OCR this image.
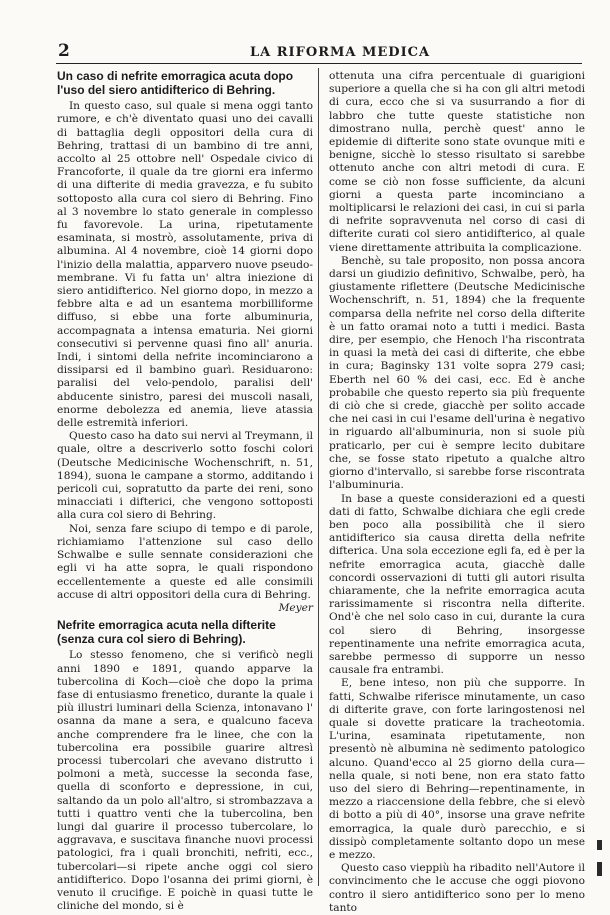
2	LA RIFORMA MEDICA
Un caso di nefrite emorragica acuta dopo l'uso del siero antidifterico di Behring.

In questo caso, sul quale si mena oggi tanto rumore, e ch'è diventato quasi uno dei cavalli di battaglia degli oppositori della cura di Behring, trattasi di un bambino di tre anni, accolto al 25 ottobre nell' Ospedale civico di Francoforte, il quale da tre giorni era infermo di una difterite di media gravezza, e fu subito sottoposto alla cura col siero di Behring. Fino al 3 novembre lo stato generale in complesso fu favorevole. La urina, ripetutamente esaminata, si mostrò, assolutamente, priva di albumina. Al 4 novembre, cioè 14 giorni dopo l'inizio della malattia, apparvero nuove pseudo-membrane. Vi fu fatta un' altra iniezione di siero antidifterico. Nel giorno dopo, in mezzo a febbre alta e ad un esantema morbilliforme diffuso, si ebbe una forte albuminuria, accompagnata a intensa ematuria. Nei giorni consecutivi si pervenne quasi fino all' anuria. Indi, i sintomi della nefrite incominciarono a dissiparsi ed il bambino guarì. Residuarono: paralisi del velo-pendolo, paralisi dell' abducente sinistro, paresi dei muscoli nasali, enorme debolezza ed anemia, lieve atassia delle estremità inferiori.

Questo caso ha dato sui nervi al Treymann, il quale, oltre a descriverlo sotto foschi colori (Deutsche Medicinische Wochenschrift, n. 51, 1894), suona le campane a stormo, additando i pericoli cui, sopratutto da parte dei reni, sono minacciati i difterici, che vengono sottoposti alla cura col siero di Behring.

Noi, senza fare sciupo di tempo e di parole, richiamiamo l'attenzione sul caso dello Schwalbe e sulle sennate considerazioni che egli vi ha atte sopra, le quali rispondono eccellentemente a queste ed alle consimili accuse di altri oppositori della cura di Behring.

Meyer
Nefrite emorragica acuta nella difterite (senza cura col siero di Behring).

Lo stesso fenomeno, che si verificò negli anni 1890 e 1891, quando apparve la tubercolina di Koch—cioè che dopo la prima fase di entusiasmo frenetico, durante la quale i più illustri luminari della Scienza, intonavano l' osanna da mane a sera, e qualcuno faceva anche comprendere fra le linee, che con la tubercolina era possibile guarire altresì processi tubercolari che avevano distrutto i polmoni a metà, successe la seconda fase, quella di sconforto e depressione, in cui, saltando da un polo all'altro, si strombazzava a tutti i quattro venti che la tubercolina, ben lungi dal guarire il processo tubercolare, lo aggravava, e suscitava finanche nuovi processi patologici, fra i quali bronchiti, nefriti, ecc., tubercolari—si ripete anche oggi col siero antidifterico. Dopo l'osanna dei primi giorni, è venuto il crucifige. E poichè in quasi tutte le cliniche del mondo, si è

ottenuta una cifra percentuale di guarigioni superiore a quella che si ha con gli altri metodi di cura, ecco che si va susurrando a fior di labbro che tutte queste statistiche non dimostrano nulla, perchè quest' anno le epidemie di difterite sono state ovunque miti e benigne, sicchè lo stesso risultato si sarebbe ottenuto anche con altri metodi di cura. E come se ciò non fosse sufficiente, da alcuni giorni a questa parte incominciano a moltiplicarsi le relazioni dei casi, in cui si parla di nefrite sopravvenuta nel corso di casi di difterite curati col siero antidifterico, al quale viene direttamente attribuita la complicazione.

Benchè, su tale proposito, non possa ancora darsi un giudizio definitivo, Schwalbe, però, ha giustamente riflettere (Deutsche Medicinische Wochenschrift, n. 51, 1894) che la frequente comparsa della nefrite nel corso della difterite è un fatto oramai noto a tutti i medici. Basta dire, per esempio, che Henoch l'ha riscontrata in quasi la metà dei casi di difterite, che ebbe in cura; Baginsky 131 volte sopra 279 casi; Eberth nel 60 % dei casi, ecc. Ed è anche probabile che questo reperto sia più frequente di ciò che si crede, giacchè per solito accade che nei casi in cui l'esame dell'urina è negativo in riguardo all'albuminuria, non si suole più praticarlo, per cui è sempre lecito dubitare che, se fosse stato ripetuto a qualche altro giorno d'intervallo, si sarebbe forse riscontrata l'albuminuria.

In base a queste considerazioni ed a questi dati di fatto, Schwalbe dichiara che egli crede ben poco alla possibilità che il siero antidifterico sia causa diretta della nefrite difterica. Una sola eccezione egli fa, ed è per la nefrite emorragica acuta, giacchè dalle concordi osservazioni di tutti gli autori risulta chiaramente, che la nefrite emorragica acuta rarissimamente si riscontra nella difterite. Ond'è che nel solo caso in cui, durante la cura col siero di Behring, insorgesse repentinamente una nefrite emorragica acuta, sarebbe permesso di supporre un nesso causale fra entrambi.

E, bene inteso, non più che supporre. In fatti, Schwalbe riferisce minutamente, un caso di difterite grave, con forte laringostenosi nel quale si dovette praticare la tracheotomia. L'urina, esaminata ripetutamente, non presentò nè albumina nè sedimento patologico alcuno. Quand'ecco al 25 giorno della cura—nella quale, si noti bene, non era stato fatto uso del siero di Behring—repentinamente, in mezzo a riaccensione della febbre, che si elevò di botto a più di 40°, insorse una grave nefrite emorragica, la quale durò parecchio, e si dissipò completamente soltanto dopo un mese e mezzo.

Questo caso vieppiù ha ribadito nell'Autore il convincimento che le accuse che oggi piovono contro il siero antidifterico sono per lo meno tanto
